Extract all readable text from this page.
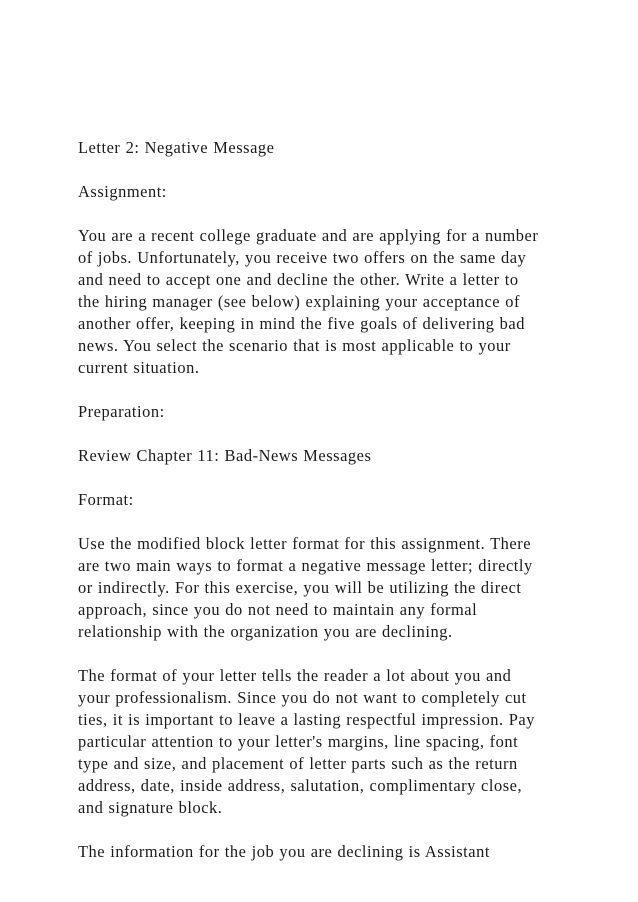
Letter 2: Negative Message
Assignment:
You are a recent college graduate and are applying for a number
of jobs. Unfortunately, you receive two offers on the same day
and need to accept one and decline the other. Write a letter to
the hiring manager (see below) explaining your acceptance of
another offer, keeping in mind the five goals of delivering bad
news. You select the scenario that is most applicable to your
current situation.
Preparation:
Review Chapter 11: Bad-News Messages
Format:
Use the modified block letter format for this assignment. There
are two main ways to format a negative message letter; directly
or indirectly. For this exercise, you will be utilizing the direct
approach, since you do not need to maintain any formal
relationship with the organization you are declining.
The format of your letter tells the reader a lot about you and
your professionalism. Since you do not want to completely cut
ties, it is important to leave a lasting respectful impression. Pay
particular attention to your letter's margins, line spacing, font
type and size, and placement of letter parts such as the return
address, date, inside address, salutation, complimentary close,
and signature block.
The information for the job you are declining is Assistant
